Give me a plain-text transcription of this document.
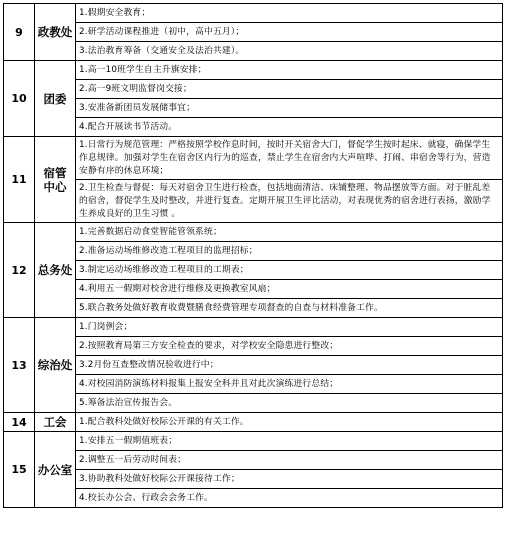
9	政教处	1.假期安全教育；
		2.研学活动课程推进（初中，高中五月）；
		3.法治教育筹备（交通安全及法治共建）。
10	团委	1.高一10班学生自主升旗安排；
		2.高一9班文明监督岗交接；
		3.安准备新团员发展储事宜；
		4.配合开展读书节活动。
11	宿管中心	1.日常行为规范管理：严格按照学校作息时间，按时开关宿舍大门，督促学生按时起床、就寝，确保学生作息规律。加强对学生在宿舍区内行为的巡查，禁止学生在宿舍内大声喧哗、打闹、串宿舍等行为，营造安静有序的休息环境；
		2.卫生检查与督促：每天对宿舍卫生进行检查，包括地面清洁、床铺整理、物品摆放等方面。对于脏乱差的宿舍，督促学生及时整改，并进行复查。定期开展卫生评比活动，对表现优秀的宿舍进行表扬，激励学生养成良好的卫生习惯 。
12	总务处	1.完善数据启动食堂智能管领系统；
		2.准备运动场维修改造工程项目的监理招标；
		3.制定运动场维修改造工程项目的工期表；
		4.利用五一假期对校舍进行维修及更换教室风扇；
		5.联合教务处做好教育收费暨膳食经费管理专项督查的自查与材料准备工作。
13	综治处	1.门岗例会；
		2.按照教育局第三方安全检查的要求，对学校安全隐患进行整改；
		3.2月份互查整改情况验收进行中；
		4.对校园消防演练材料报集上报安全科并且对此次演练进行总结；
		5.筹备法治宣传报告会。
14	工会	1.配合教科处做好校际公开课的有关工作。
15	办公室	1.安排五一假期值班表；
		2.调整五一后劳动时间表；
		3.协助教科处做好校际公开课接待工作；
		4.校长办公会、行政会会务工作。
